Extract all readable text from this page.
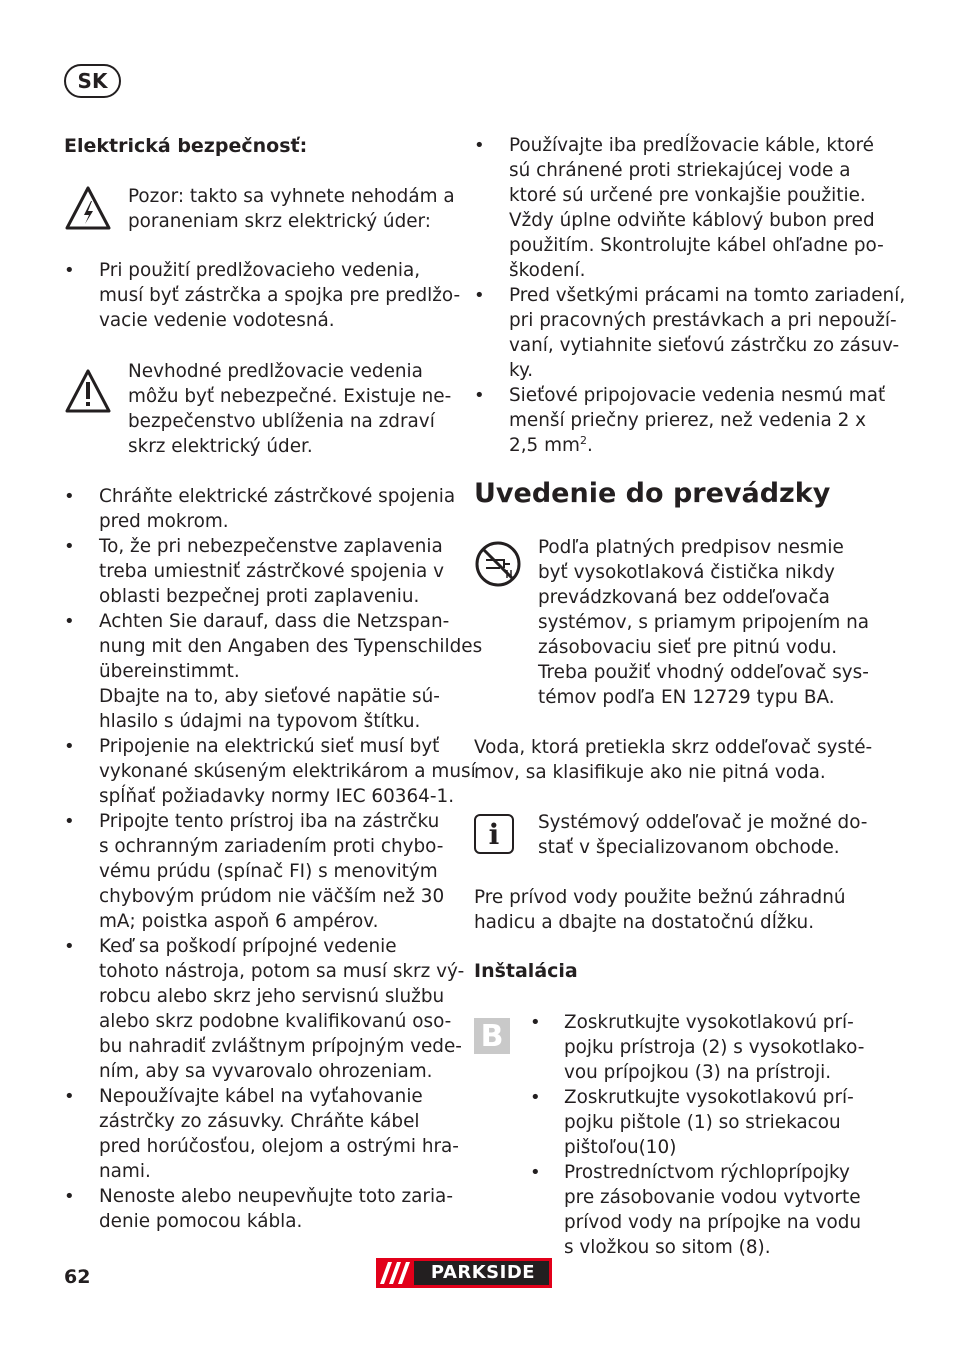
SK
Elektrická bezpečnosť:
Pozor: takto sa vyhnete nehodám a
poraneniam skrz elektrický úder:
• Pri použití predlžovacieho vedenia,
musí byť zástrčka a spojka pre predlžo-
vacie vedenie vodotesná.
Nevhodné predlžovacie vedenia
môžu byť nebezpečné. Existuje ne-
bezpečenstvo ublíženia na zdraví
skrz elektrický úder.
• Chráňte elektrické zástrčkové spojenia
pred mokrom.
• To, že pri nebezpečenstve zaplavenia
treba umiestniť zástrčkové spojenia v
oblasti bezpečnej proti zaplaveniu.
• Achten Sie darauf, dass die Netzspan-
nung mit den Angaben des Typenschildes
übereinstimmt.
Dbajte na to, aby sieťové napätie sú-
hlasilo s údajmi na typovom štítku.
• Pripojenie na elektrickú sieť musí byť
vykonané skúseným elektrikárom a musí
spĺňať požiadavky normy IEC 60364-1.
• Pripojte tento prístroj iba na zástrčku
s ochranným zariadením proti chybo-
vému prúdu (spínač FI) s menovitým
chybovým prúdom nie väčším než 30
mA; poistka aspoň 6 ampérov.
• Keď sa poškodí prípojné vedenie
tohoto nástroja, potom sa musí skrz vý-
robcu alebo skrz jeho servisnú službu
alebo skrz podobne kvalifikovanú oso-
bu nahradiť zvláštnym prípojným vede-
ním, aby sa vyvarovalo ohrozeniam.
• Nepoužívajte kábel na vyťahovanie
zástrčky zo zásuvky. Chráňte kábel
pred horúčosťou, olejom a ostrými hra-
nami.
• Nenoste alebo neupevňujte toto zaria-
denie pomocou kábla.
• Používajte iba predĺžovacie káble, ktoré
sú chránené proti striekajúcej vode a
ktoré sú určené pre vonkajšie použitie.
Vždy úplne odviňte káblový bubon pred
použitím. Skontrolujte kábel ohľadne po-
škodení.
• Pred všetkými prácami na tomto zariadení,
pri pracovných prestávkach a pri nepouží-
vaní, vytiahnite sieťovú zástrčku zo zásuv-
ky.
• Sieťové pripojovacie vedenia nesmú mať
menší priečny prierez, než vedenia 2 x
2,5 $mm^2$.
Uvedenie do prevádzky
Podľa platných predpisov nesmie
byť vysokotlaková čistička nikdy
prevádzkovaná bez oddeľovača
systémov, s priamym pripojením na
zásobovaciu sieť pre pitnú vodu.
Treba použiť vhodný oddeľovač sys-
témov podľa EN 12729 typu BA.
Voda, ktorá pretiekla skrz oddeľovač systé-
mov, sa klasifikuje ako nie pitná voda.
i	Systémový oddeľovač je možné do-
stať v špecializovanom obchode.
Pre prívod vody použite bežnú záhradnú
hadicu a dbajte na dostatočnú dĺžku.
Inštalácia
B	• Zoskrutkujte vysokotlakovú prí-
pojku prístroja (2) s vysokotlako-
vou prípojkou (3) na prístroji.
• Zoskrutkujte vysokotlakovú prí-
pojku pištole (1) so striekacou
pištoľou(10)
• Prostredníctvom rýchloprípojky
pre zásobovanie vodou vytvorte
prívod vody na prípojke na vodu
s vložkou so sitom (8).
62	PARKSIDE
